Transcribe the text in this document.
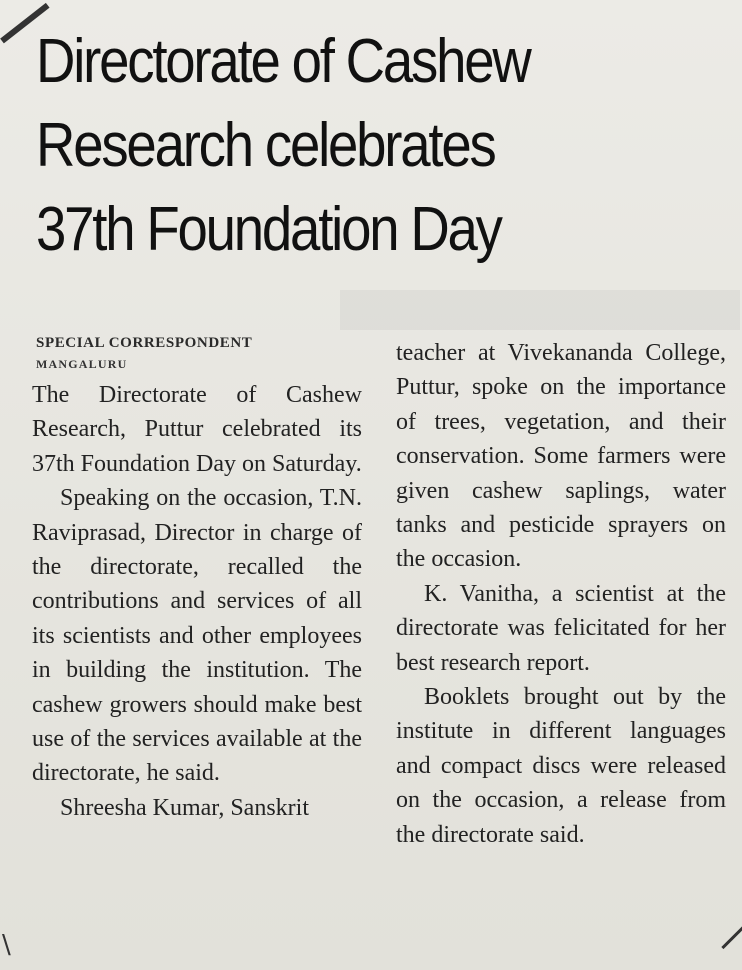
Directorate of Cashew
Research celebrates
37th Foundation Day
SPECIAL CORRESPONDENT
MANGALURU

The Directorate of Cashew Research, Puttur celebrated its 37th Foundation Day on Saturday.

Speaking on the occasion, T.N. Raviprasad, Director in charge of the directorate, recalled the contributions and services of all its scientists and other employees in building the institution. The cashew growers should make best use of the services available at the directorate, he said.

Shreesha Kumar, Sanskrit

teacher at Vivekananda College, Puttur, spoke on the importance of trees, vegetation, and their conservation. Some farmers were given cashew saplings, water tanks and pesticide sprayers on the occasion.

K. Vanitha, a scientist at the directorate was felicitated for her best research report.

Booklets brought out by the institute in different languages and compact discs were released on the occasion, a release from the directorate said.

\
